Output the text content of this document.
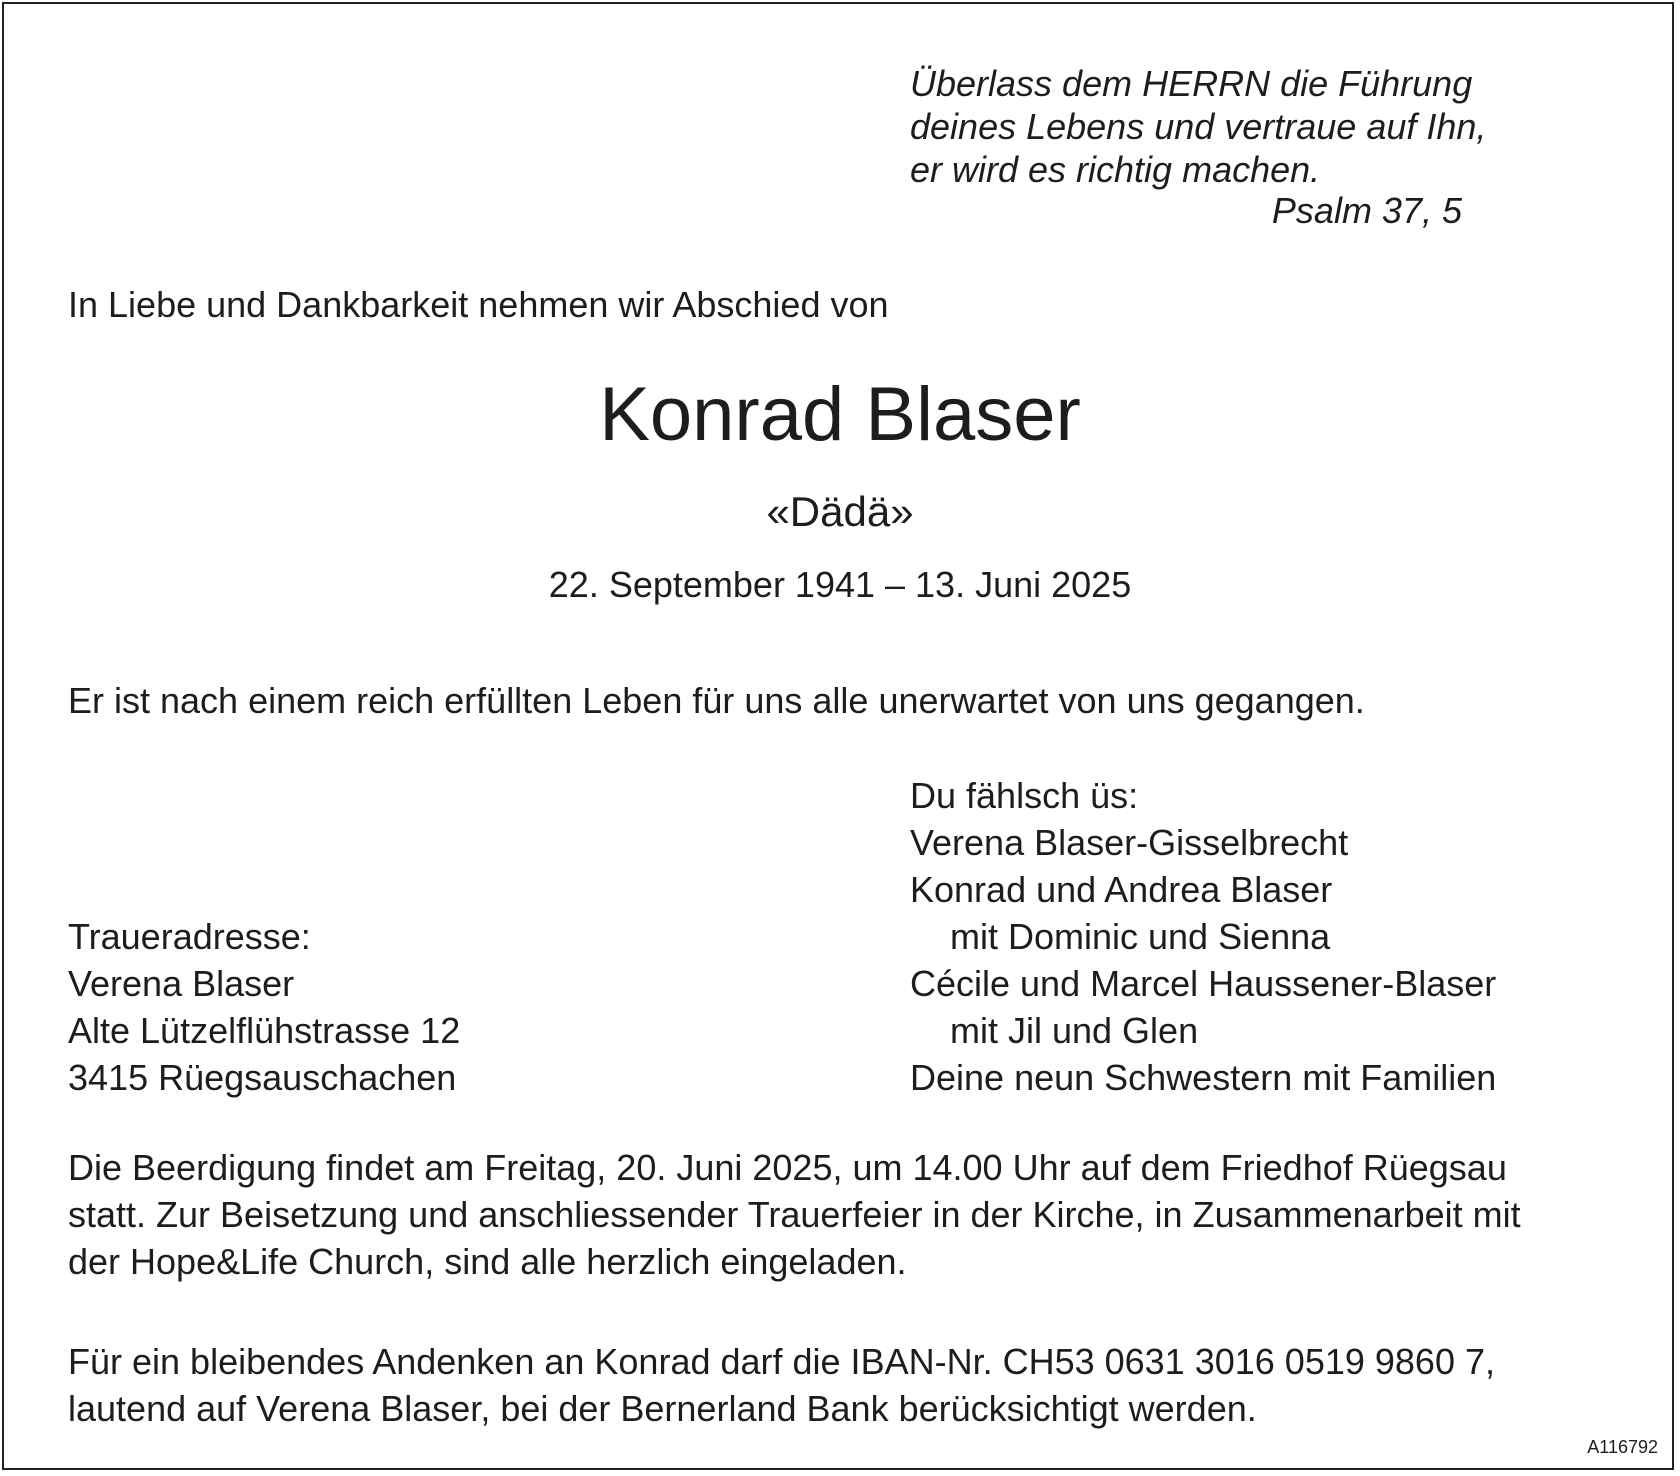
Überlass dem HERRN die Führung
deines Lebens und vertraue auf Ihn,
er wird es richtig machen.
Psalm 37, 5
In Liebe und Dankbarkeit nehmen wir Abschied von
Konrad Blaser
«Dädä»
22. September 1941 – 13. Juni 2025
Er ist nach einem reich erfüllten Leben für uns alle unerwartet von uns gegangen.
Du fählsch üs:
Verena Blaser-Gisselbrecht
Konrad und Andrea Blaser
mit Dominic und Sienna
Cécile und Marcel Haussener-Blaser
mit Jil und Glen
Deine neun Schwestern mit Familien
Traueradresse:
Verena Blaser
Alte Lützelflühstrasse 12
3415 Rüegsauschachen
Die Beerdigung findet am Freitag, 20. Juni 2025, um 14.00 Uhr auf dem Friedhof Rüegsau
statt. Zur Beisetzung und anschliessender Trauerfeier in der Kirche, in Zusammenarbeit mit
der Hope&Life Church, sind alle herzlich eingeladen.
Für ein bleibendes Andenken an Konrad darf die IBAN-Nr. CH53 0631 3016 0519 9860 7,
lautend auf Verena Blaser, bei der Bernerland Bank berücksichtigt werden.
A116792
